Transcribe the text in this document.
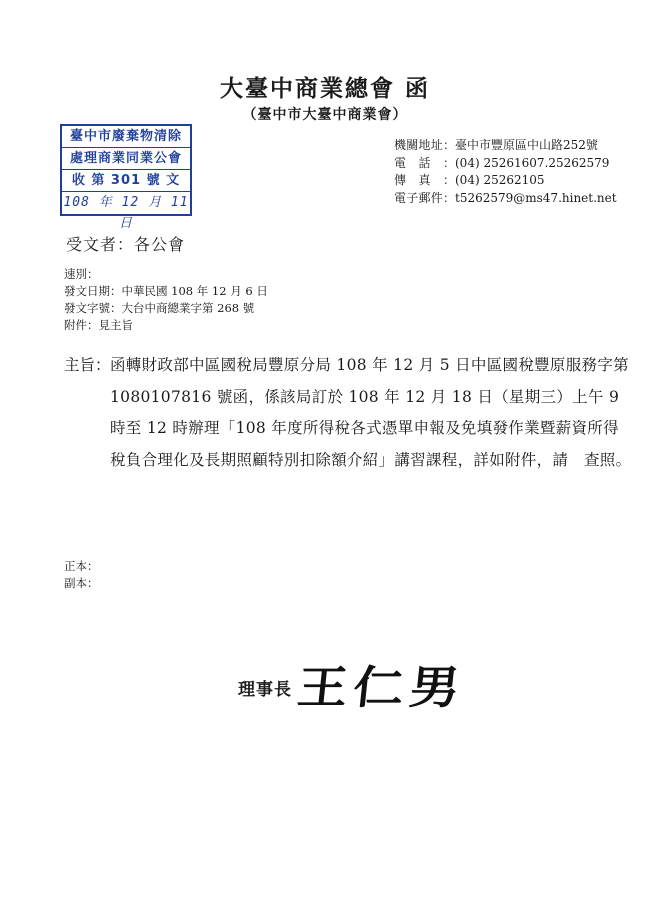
大臺中商業總會 函
（臺中市大臺中商業會）
臺中市廢棄物清除
處理商業同業公會
收 第 301 號 文
108 年 12 月 11 日
機關地址：臺中市豐原區中山路252號
電話：(04) 25261607.25262579
傳真：(04) 25262105
電子郵件：t5262579@ms47.hinet.net
受文者：各公會
速別：
發文日期：中華民國 108 年 12 月 6 日
發文字號：大台中商總業字第 268 號
附件：見主旨
主旨： 函轉財政部中區國稅局豐原分局 108 年 12 月 5 日中區國稅豐原服務字第 1080107816 號函，係該局訂於 108 年 12 月 18 日（星期三）上午 9 時至 12 時辦理「108 年度所得稅各式憑單申報及免填發作業暨薪資所得稅負合理化及長期照顧特別扣除額介紹」講習課程，詳如附件，請　查照。
正本：
副本：
理事長 王仁男
